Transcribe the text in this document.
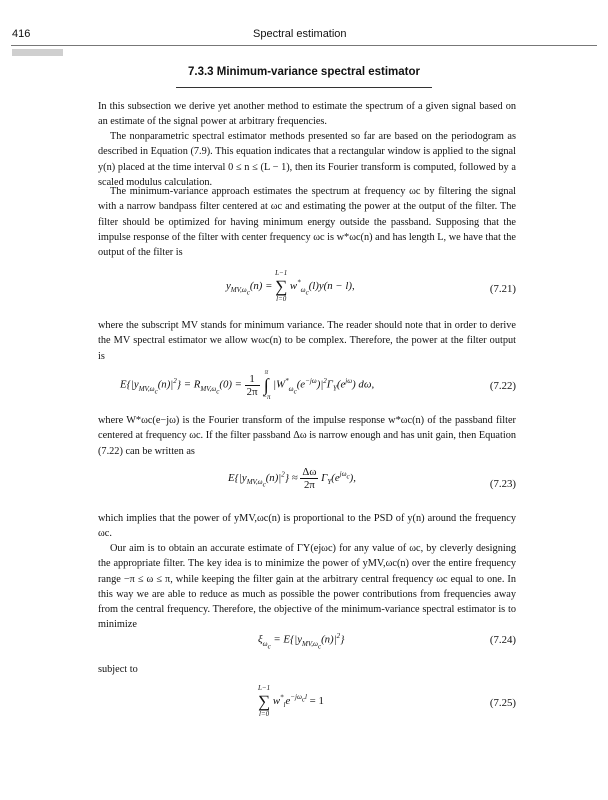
416	Spectral estimation
7.3.3 Minimum-variance spectral estimator

In this subsection we derive yet another method to estimate the spectrum of a given signal based on an estimate of the signal power at arbitrary frequencies.

The nonparametric spectral estimator methods presented so far are based on the periodogram as described in Equation (7.9). This equation indicates that a rectangular window is applied to the signal y(n) placed at the time interval 0 ≤ n ≤ (L − 1), then its Fourier transform is computed, followed by a scaled modulus calculation.

The minimum-variance approach estimates the spectrum at frequency ωc by filtering the signal with a narrow bandpass filter centered at ωc and estimating the power at the output of the filter. The filter should be optimized for having minimum energy outside the passband. Supposing that the impulse response of the filter with center frequency ωc is w*ωc(n) and has length L, we have that the output of the filter is

$y_{MV,\omega_c}(n)$ =
L−1
∑
l=0
$w^*_{\omega_c}(l)y(n - l)$,	(7.21)

where the subscript MV stands for minimum variance. The reader should note that in order to derive the MV spectral estimator we allow wωc(n) to be complex. Therefore, the power at the filter output is

$E\{|y_{MV,\omega_c}(n)|^2\} = R_{MV,\omega_c}(0) = \frac{1}{2\pi}$

π
∫
−π
$|W^*_{\omega_c}(e^{-j\omega})|^2\Gamma_Y(e^{j\omega})$ dω,	(7.22)

where W*ωc(e−jω) is the Fourier transform of the impulse response w*ωc(n) of the passband filter centered at frequency ωc. If the filter passband Δω is narrow enough and has unit gain, then Equation (7.22) can be written as

$E\{|y_{MV,\omega_c}(n)|^2\} \approx \frac{\Delta\omega}{2\pi} \Gamma_Y(e^{j\omega_c})$,
(7.23)

which implies that the power of yMV,ωc(n) is proportional to the PSD of y(n) around the frequency ωc.

Our aim is to obtain an accurate estimate of ΓY(ejωc) for any value of ωc, by cleverly designing the appropriate filter. The key idea is to minimize the power of yMV,ωc(n) over the entire frequency range −π ≤ ω ≤ π, while keeping the filter gain at the arbitrary central frequency ωc equal to one. In this way we are able to reduce as much as possible the power contributions from frequencies away from the central frequency. Therefore, the objective of the minimum-variance spectral estimator is to minimize

$\xi_{\omega_c} = E\{|y_{MV,\omega_c}(n)|^2\}$	(7.24)

subject to

L−1
∑
l=0
$w^*_le^{-j\omega_cl} = 1$	(7.25)
